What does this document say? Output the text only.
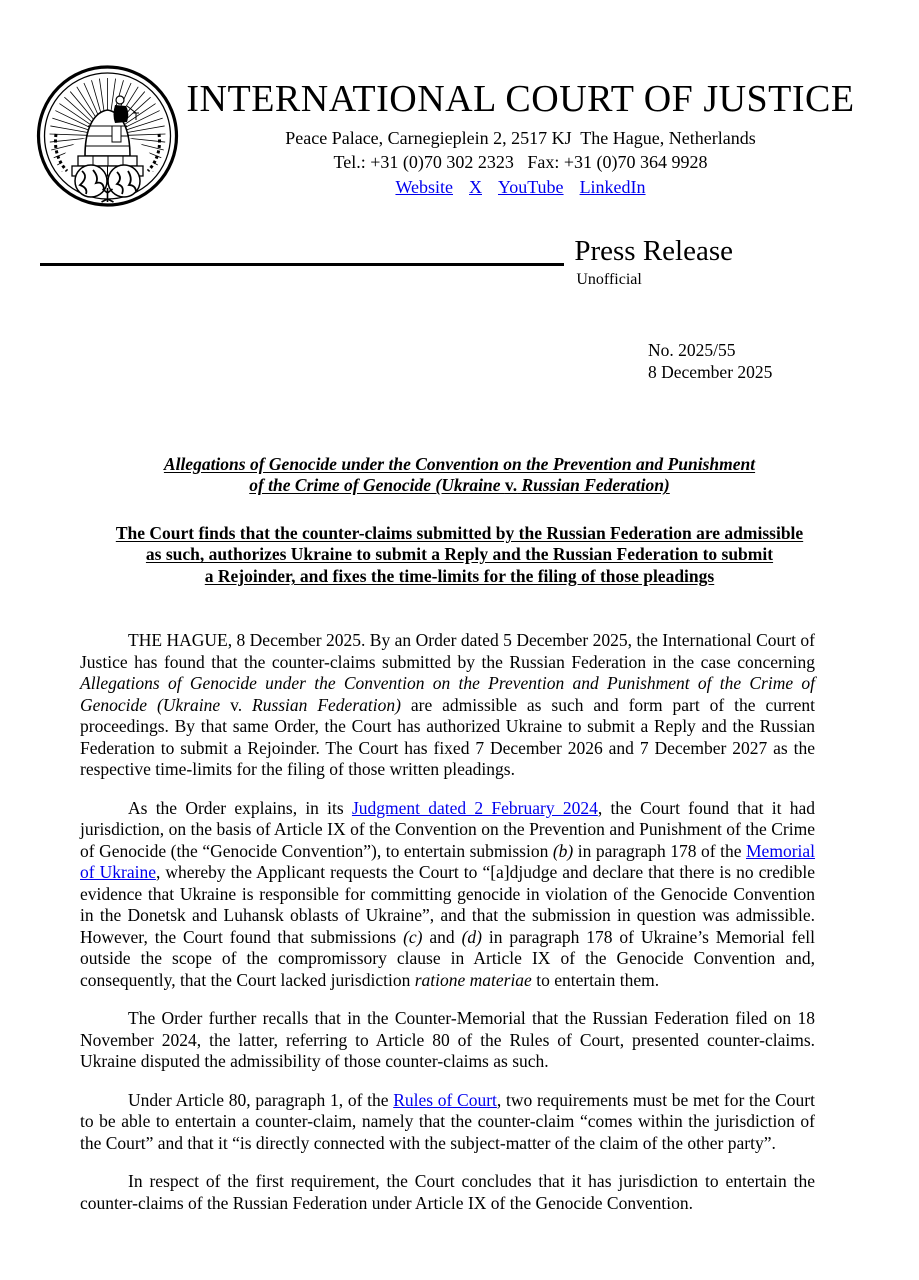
INTERNATIONAL COURT OF JUSTICE
Peace Palace, Carnegieplein 2, 2517 KJ  The Hague, Netherlands
Tel.: +31 (0)70 302 2323   Fax: +31 (0)70 364 9928
Website X YouTube LinkedIn
Press Release
Unofficial
No. 2025/55
8 December 2025
Allegations of Genocide under the Convention on the Prevention and Punishment
of the Crime of Genocide (Ukraine v. Russian Federation)
The Court finds that the counter-claims submitted by the Russian Federation are admissible
as such, authorizes Ukraine to submit a Reply and the Russian Federation to submit
a Rejoinder, and fixes the time-limits for the filing of those pleadings

THE HAGUE, 8 December 2025. By an Order dated 5 December 2025, the International Court of Justice has found that the counter-claims submitted by the Russian Federation in the case concerning Allegations of Genocide under the Convention on the Prevention and Punishment of the Crime of Genocide (Ukraine v. Russian Federation) are admissible as such and form part of the current proceedings. By that same Order, the Court has authorized Ukraine to submit a Reply and the Russian Federation to submit a Rejoinder. The Court has fixed 7 December 2026 and 7 December 2027 as the respective time-limits for the filing of those written pleadings.

As the Order explains, in its Judgment dated 2 February 2024, the Court found that it had jurisdiction, on the basis of Article IX of the Convention on the Prevention and Punishment of the Crime of Genocide (the “Genocide Convention”), to entertain submission (b) in paragraph 178 of the Memorial of Ukraine, whereby the Applicant requests the Court to “[a]djudge and declare that there is no credible evidence that Ukraine is responsible for committing genocide in violation of the Genocide Convention in the Donetsk and Luhansk oblasts of Ukraine”, and that the submission in question was admissible. However, the Court found that submissions (c) and (d) in paragraph 178 of Ukraine’s Memorial fell outside the scope of the compromissory clause in Article IX of the Genocide Convention and, consequently, that the Court lacked jurisdiction ratione materiae to entertain them.

The Order further recalls that in the Counter-Memorial that the Russian Federation filed on 18 November 2024, the latter, referring to Article 80 of the Rules of Court, presented counter-claims. Ukraine disputed the admissibility of those counter-claims as such.

Under Article 80, paragraph 1, of the Rules of Court, two requirements must be met for the Court to be able to entertain a counter-claim, namely that the counter-claim “comes within the jurisdiction of the Court” and that it “is directly connected with the subject-matter of the claim of the other party”.

In respect of the first requirement, the Court concludes that it has jurisdiction to entertain the counter-claims of the Russian Federation under Article IX of the Genocide Convention.
